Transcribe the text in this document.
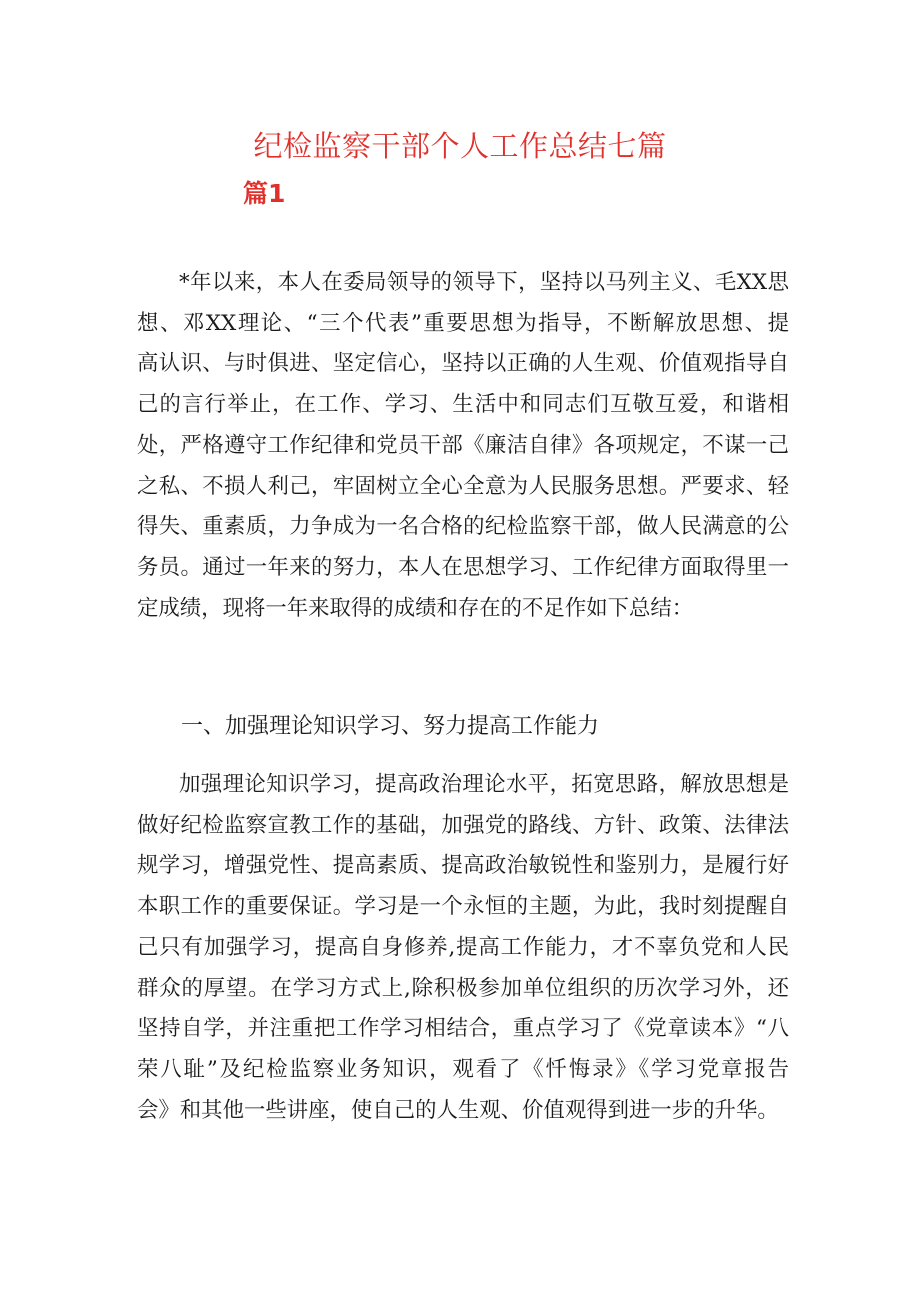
纪检监察干部个人工作总结七篇
篇1
*年以来，本人在委局领导的领导下，坚持以马列主义、毛XX思
想、邓XX理论、“三个代表”重要思想为指导，不断解放思想、提
高认识、与时俱进、坚定信心，坚持以正确的人生观、价值观指导自
己的言行举止，在工作、学习、生活中和同志们互敬互爱，和谐相
处，严格遵守工作纪律和党员干部《廉洁自律》各项规定，不谋一己
之私、不损人利己，牢固树立全心全意为人民服务思想。严要求、轻
得失、重素质，力争成为一名合格的纪检监察干部，做人民满意的公
务员。通过一年来的努力，本人在思想学习、工作纪律方面取得里一
定成绩，现将一年来取得的成绩和存在的不足作如下总结：
一、加强理论知识学习、努力提高工作能力
加强理论知识学习，提高政治理论水平，拓宽思路，解放思想是
做好纪检监察宣教工作的基础，加强党的路线、方针、政策、法律法
规学习，增强党性、提高素质、提高政治敏锐性和鉴别力，是履行好
本职工作的重要保证。学习是一个永恒的主题，为此，我时刻提醒自
己只有加强学习，提高自身修养,提高工作能力，才不辜负党和人民
群众的厚望。在学习方式上,除积极参加单位组织的历次学习外，还
坚持自学，并注重把工作学习相结合，重点学习了《党章读本》“八
荣八耻”及纪检监察业务知识，观看了《忏悔录》《学习党章报告
会》和其他一些讲座，使自己的人生观、价值观得到进一步的升华。
